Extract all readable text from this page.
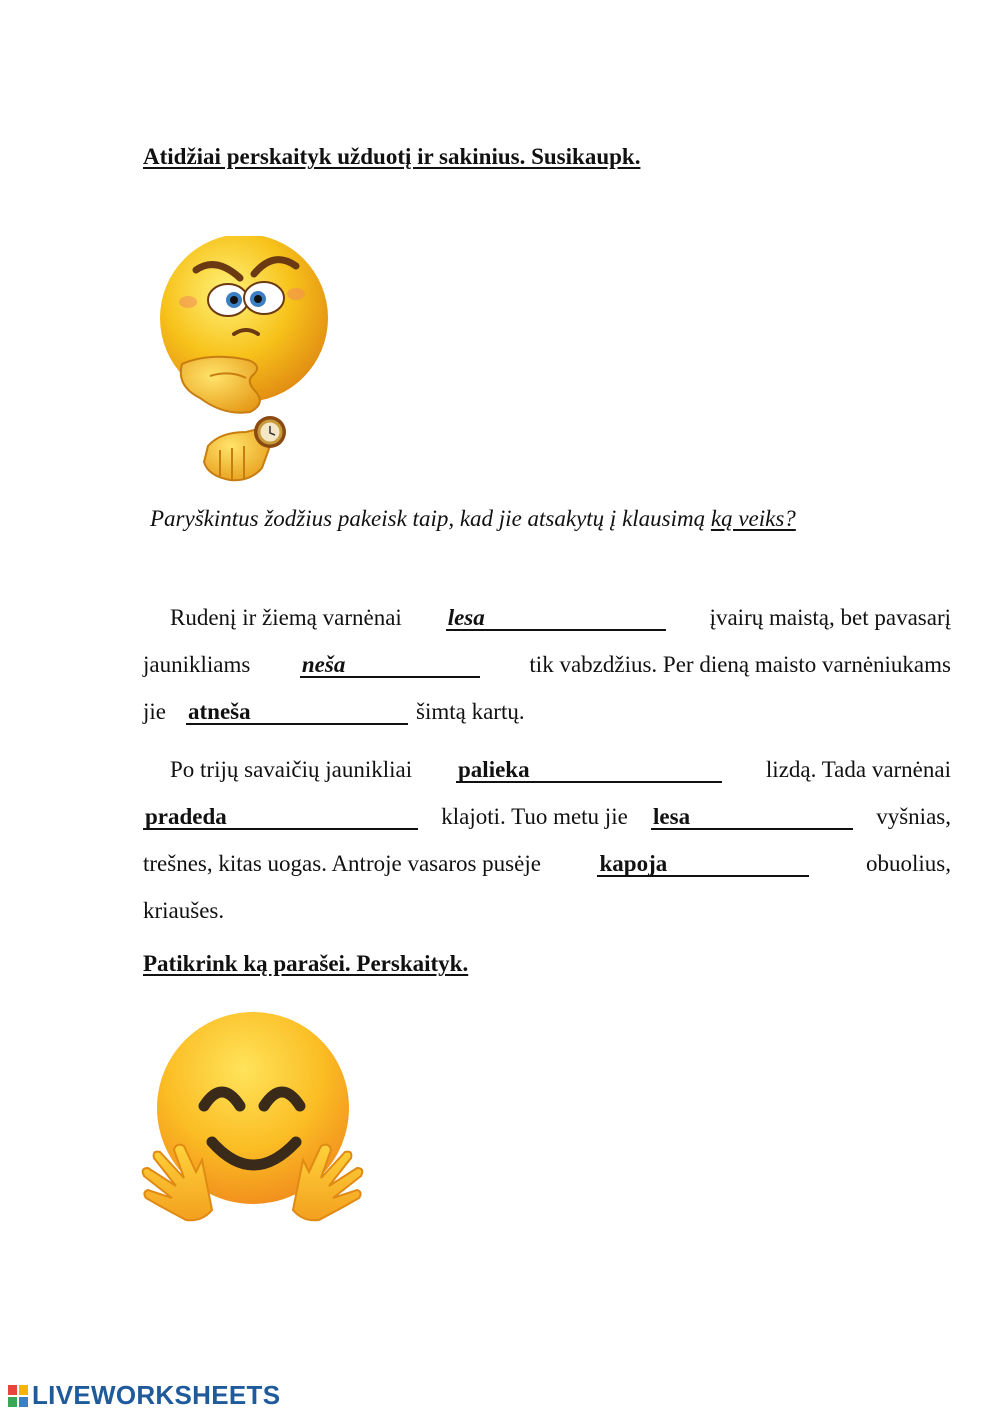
Atidžiai perskaityk užduotį ir sakinius. Susikaupk.
Paryškintus žodžius pakeisk taip, kad jie atsakytų į klausimą ką veiks?
Rudenį ir žiemą varnėnai lesa	įvairų maistą, bet pavasarį
jaunikliams neša	tik vabzdžius. Per dieną maisto varnėniukams
jie atneša	šimtą kartų.
Po trijų savaičių jaunikliai palieka	lizdą. Tada varnėnai
pradeda	klajoti. Tuo metu jie lesa	vyšnias,
trešnes, kitas uogas. Antroje vasaros pusėje	kapoja	obuolius,
kriaušes.
Patikrink ką parašei. Perskaityk.
LIVEWORKSHEETS
